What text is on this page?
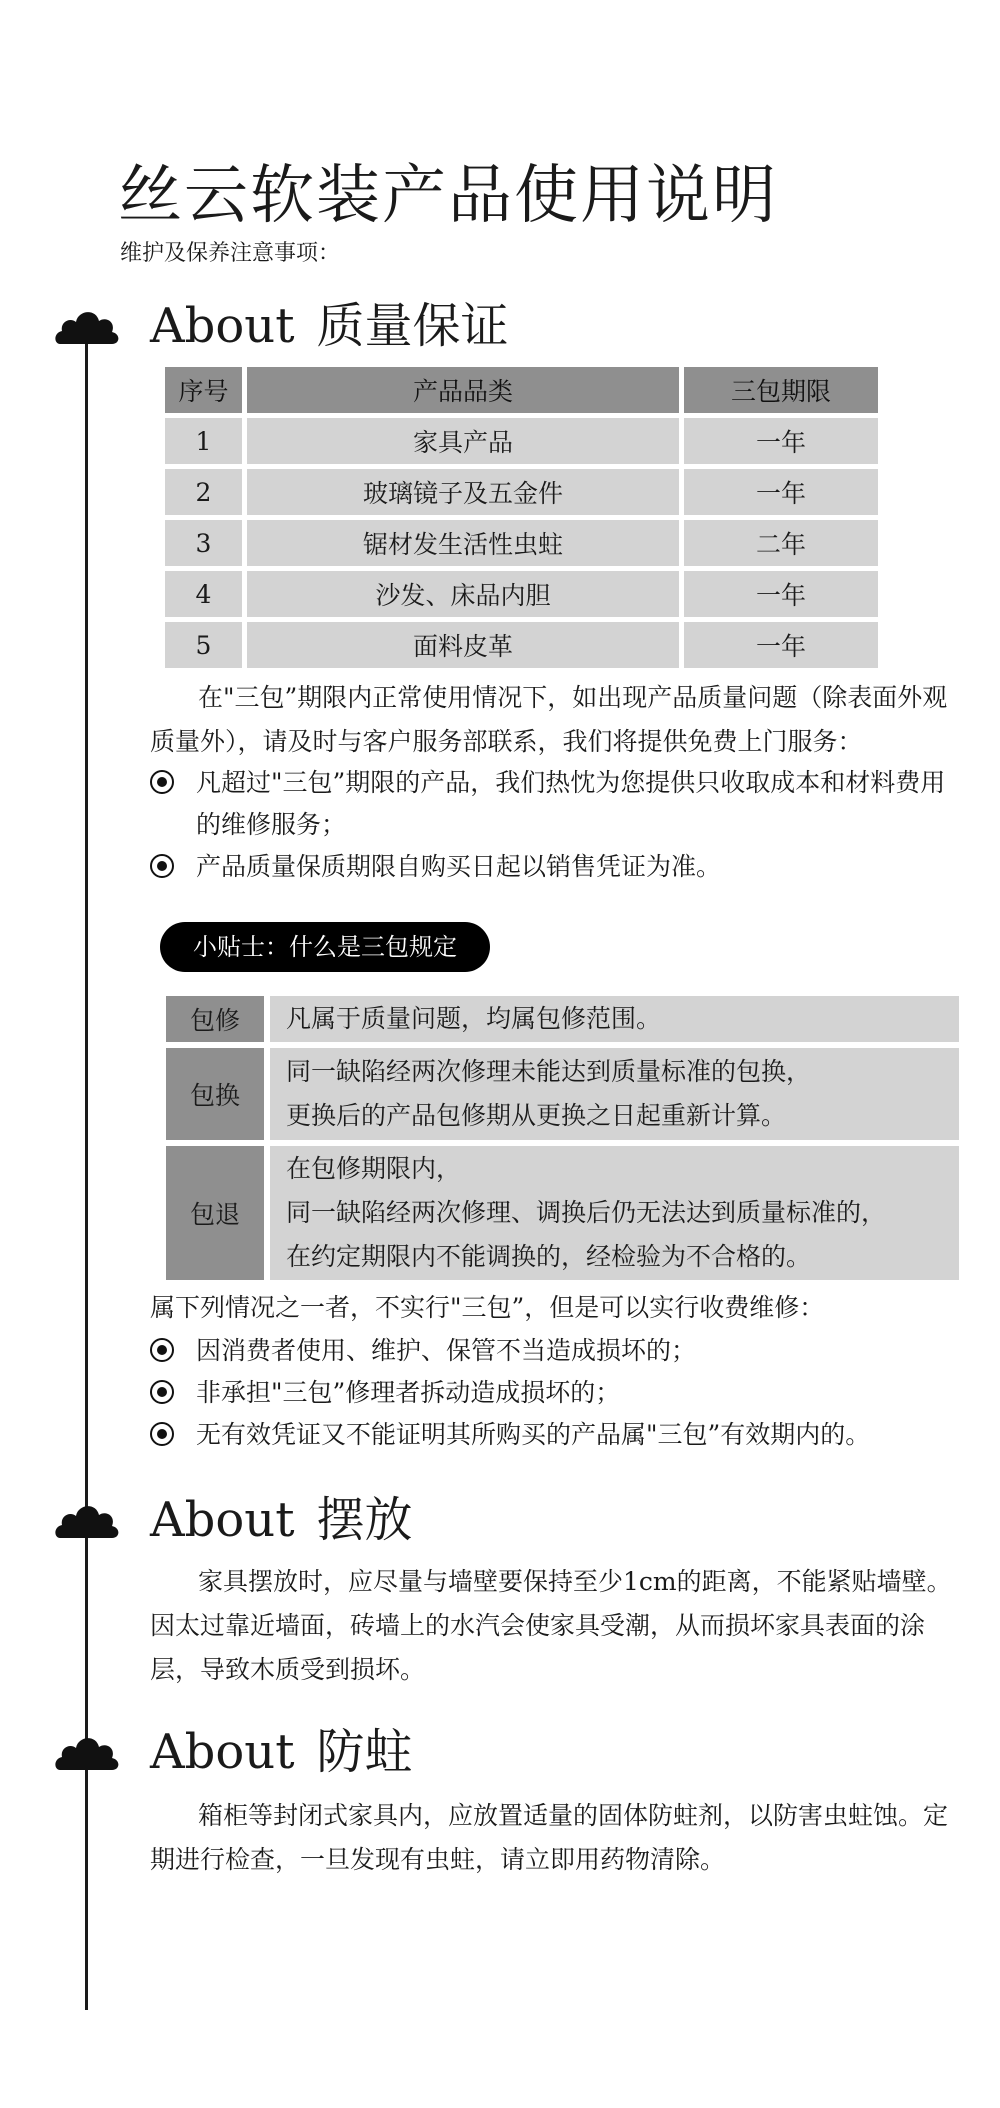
丝云软装产品使用说明
维护及保养注意事项：
About 质量保证
序号	产品品类	三包期限
1	家具产品	一年
2	玻璃镜子及五金件	一年
3	锯材发生活性虫蛀	二年
4	沙发、床品内胆	一年
5	面料皮革	一年

在"三包”期限内正常使用情况下，如出现产品质量问题（除表面外观质量外），请及时与客户服务部联系，我们将提供免费上门服务：

凡超过"三包”期限的产品，我们热忱为您提供只收取成本和材料费用的维修服务；
产品质量保质期限自购买日起以销售凭证为准。
小贴士：什么是三包规定
包修	凡属于质量问题，均属包修范围。

包换	同一缺陷经两次修理未能达到质量标准的包换，
更换后的产品包修期从更换之日起重新计算。

包退	在包修期限内，
同一缺陷经两次修理、调换后仍无法达到质量标准的，
在约定期限内不能调换的，经检验为不合格的。

属下列情况之一者，不实行"三包”，但是可以实行收费维修：

因消费者使用、维护、保管不当造成损坏的；
非承担"三包”修理者拆动造成损坏的；
无有效凭证又不能证明其所购买的产品属"三包”有效期内的。
About 摆放

家具摆放时，应尽量与墙壁要保持至少1cm的距离，不能紧贴墙壁。因太过靠近墙面，砖墙上的水汽会使家具受潮，从而损坏家具表面的涂层，导致木质受到损坏。

About 防蛀

箱柜等封闭式家具内，应放置适量的固体防蛀剂，以防害虫蛀蚀。定期进行检查，一旦发现有虫蛀，请立即用药物清除。
